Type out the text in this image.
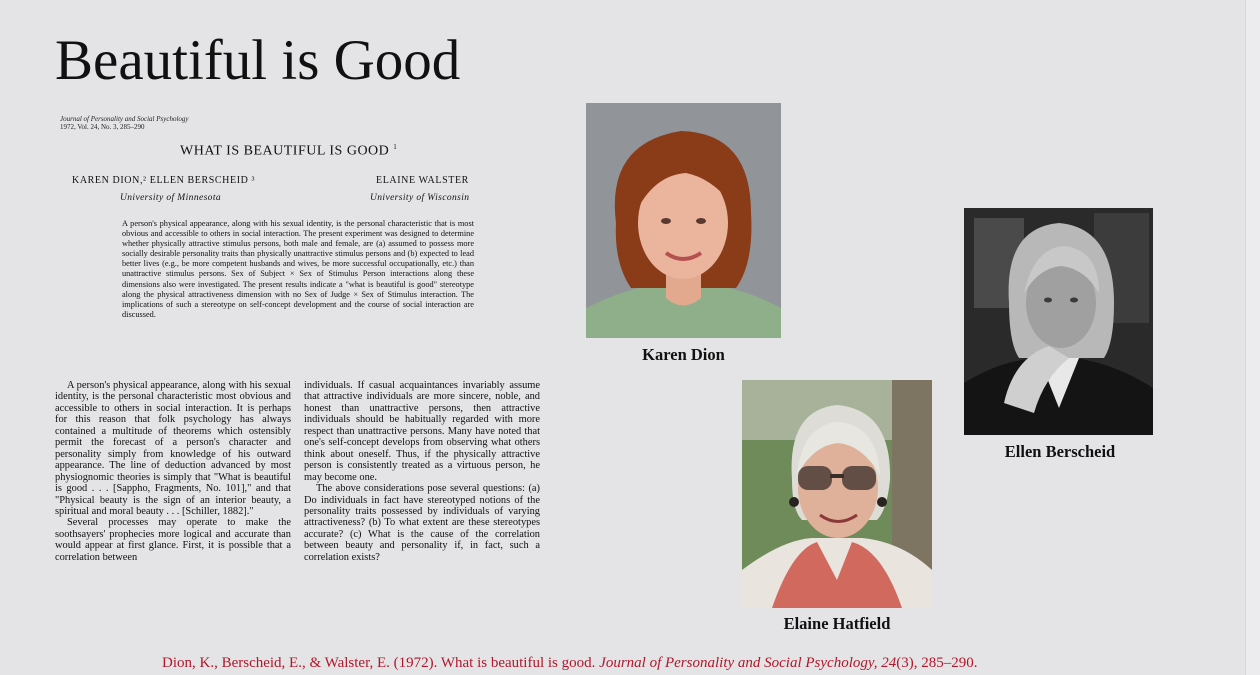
Beautiful is Good
Journal of Personality and Social Psychology
1972, Vol. 24, No. 3, 285–290
WHAT IS BEAUTIFUL IS GOOD $^1$
KAREN DION,² ELLEN BERSCHEID ³	ELAINE WALSTER
University of Minnesota	University of Wisconsin
A person's physical appearance, along with his sexual identity, is the personal characteristic that is most obvious and accessible to others in social interaction. The present experiment was designed to determine whether physically attractive stimulus persons, both male and female, are (a) assumed to possess more socially desirable personality traits than physically unattractive stimulus persons and (b) expected to lead better lives (e.g., be more competent husbands and wives, be more successful occupationally, etc.) than unattractive stimulus persons. Sex of Subject × Sex of Stimulus Person interactions along these dimensions also were investigated. The present results indicate a "what is beautiful is good" stereotype along the physical attractiveness dimension with no Sex of Judge × Sex of Stimulus interaction. The implications of such a stereotype on self-concept development and the course of social interaction are discussed.

A person's physical appearance, along with his sexual identity, is the personal characteristic most obvious and accessible to others in social interaction. It is perhaps for this reason that folk psychology has always contained a multitude of theorems which ostensibly permit the forecast of a person's character and personality simply from knowledge of his outward appearance. The line of deduction advanced by most physiognomic theories is simply that "What is beautiful is good . . . [Sappho, Fragments, No. 101]," and that "Physical beauty is the sign of an interior beauty, a spiritual and moral beauty . . . [Schiller, 1882]."

Several processes may operate to make the soothsayers' prophecies more logical and accurate than would appear at first glance. First, it is possible that a correlation between

individuals. If casual acquaintances invariably assume that attractive individuals are more sincere, noble, and honest than unattractive persons, then attractive individuals should be habitually regarded with more respect than unattractive persons. Many have noted that one's self-concept develops from observing what others think about oneself. Thus, if the physically attractive person is consistently treated as a virtuous person, he may become one.

The above considerations pose several questions: (a) Do individuals in fact have stereotyped notions of the personality traits possessed by individuals of varying attractiveness? (b) To what extent are these stereotypes accurate? (c) What is the cause of the correlation between beauty and personality if, in fact, such a correlation exists?

Karen Dion
Ellen Berscheid
Elaine Hatfield
Dion, K., Berscheid, E., & Walster, E. (1972). What is beautiful is good. Journal of Personality and Social Psychology, 24(3), 285–290.
